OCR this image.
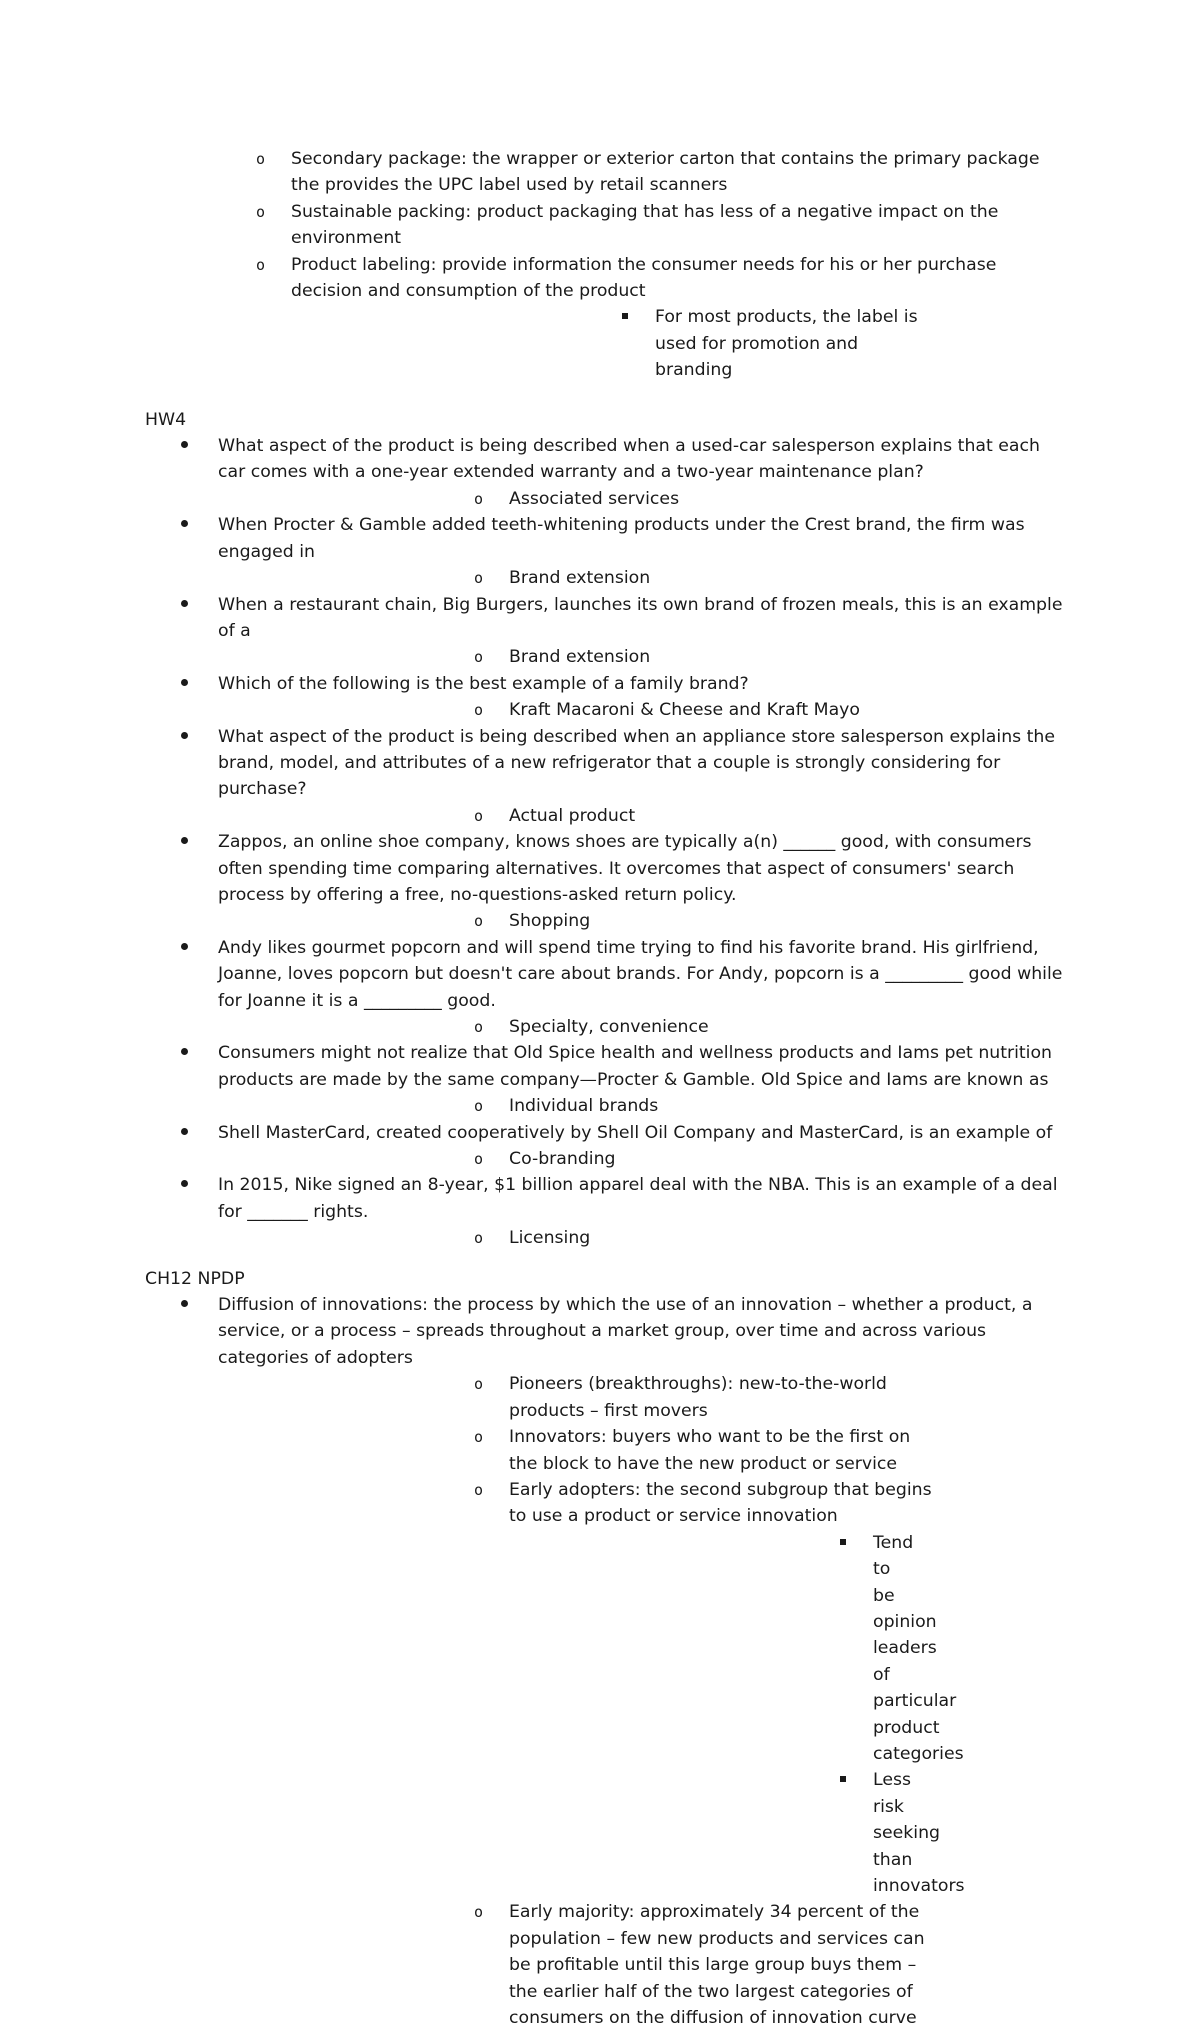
o Secondary package: the wrapper or exterior carton that contains the primary package the provides the UPC label used by retail scanners
o Sustainable packing: product packaging that has less of a negative impact on the environment
o Product labeling: provide information the consumer needs for his or her purchase decision and consumption of the product
For most products, the label is used for promotion and branding
HW4
What aspect of the product is being described when a used-car salesperson explains that each car comes with a one-year extended warranty and a two-year maintenance plan?
o Associated services
When Procter & Gamble added teeth-whitening products under the Crest brand, the firm was engaged in
o Brand extension
When a restaurant chain, Big Burgers, launches its own brand of frozen meals, this is an example of a
o Brand extension
Which of the following is the best example of a family brand?
o Kraft Macaroni & Cheese and Kraft Mayo
What aspect of the product is being described when an appliance store salesperson explains the brand, model, and attributes of a new refrigerator that a couple is strongly considering for purchase?
o Actual product
Zappos, an online shoe company, knows shoes are typically a(n) ______ good, with consumers often spending time comparing alternatives. It overcomes that aspect of consumers' search process by offering a free, no-questions-asked return policy.
o Shopping
Andy likes gourmet popcorn and will spend time trying to find his favorite brand. His girlfriend, Joanne, loves popcorn but doesn't care about brands. For Andy, popcorn is a _________ good while for Joanne it is a _________ good.
o Specialty, convenience
Consumers might not realize that Old Spice health and wellness products and Iams pet nutrition products are made by the same company—Procter & Gamble. Old Spice and Iams are known as
o Individual brands
Shell MasterCard, created cooperatively by Shell Oil Company and MasterCard, is an example of
o Co-branding
In 2015, Nike signed an 8-year, $1 billion apparel deal with the NBA. This is an example of a deal for _______ rights.
o Licensing
CH12 NPDP
Diffusion of innovations: the process by which the use of an innovation – whether a product, a service, or a process – spreads throughout a market group, over time and across various categories of adopters
o Pioneers (breakthroughs): new-to-the-world products – first movers
o Innovators: buyers who want to be the first on the block to have the new product or service
o Early adopters: the second subgroup that begins to use a product or service innovation
Tend to be opinion leaders of particular product categories
Less risk seeking than innovators
o Early majority: approximately 34 percent of the population – few new products and services can be profitable until this large group buys them – the earlier half of the two largest categories of consumers on the diffusion of innovation curve
